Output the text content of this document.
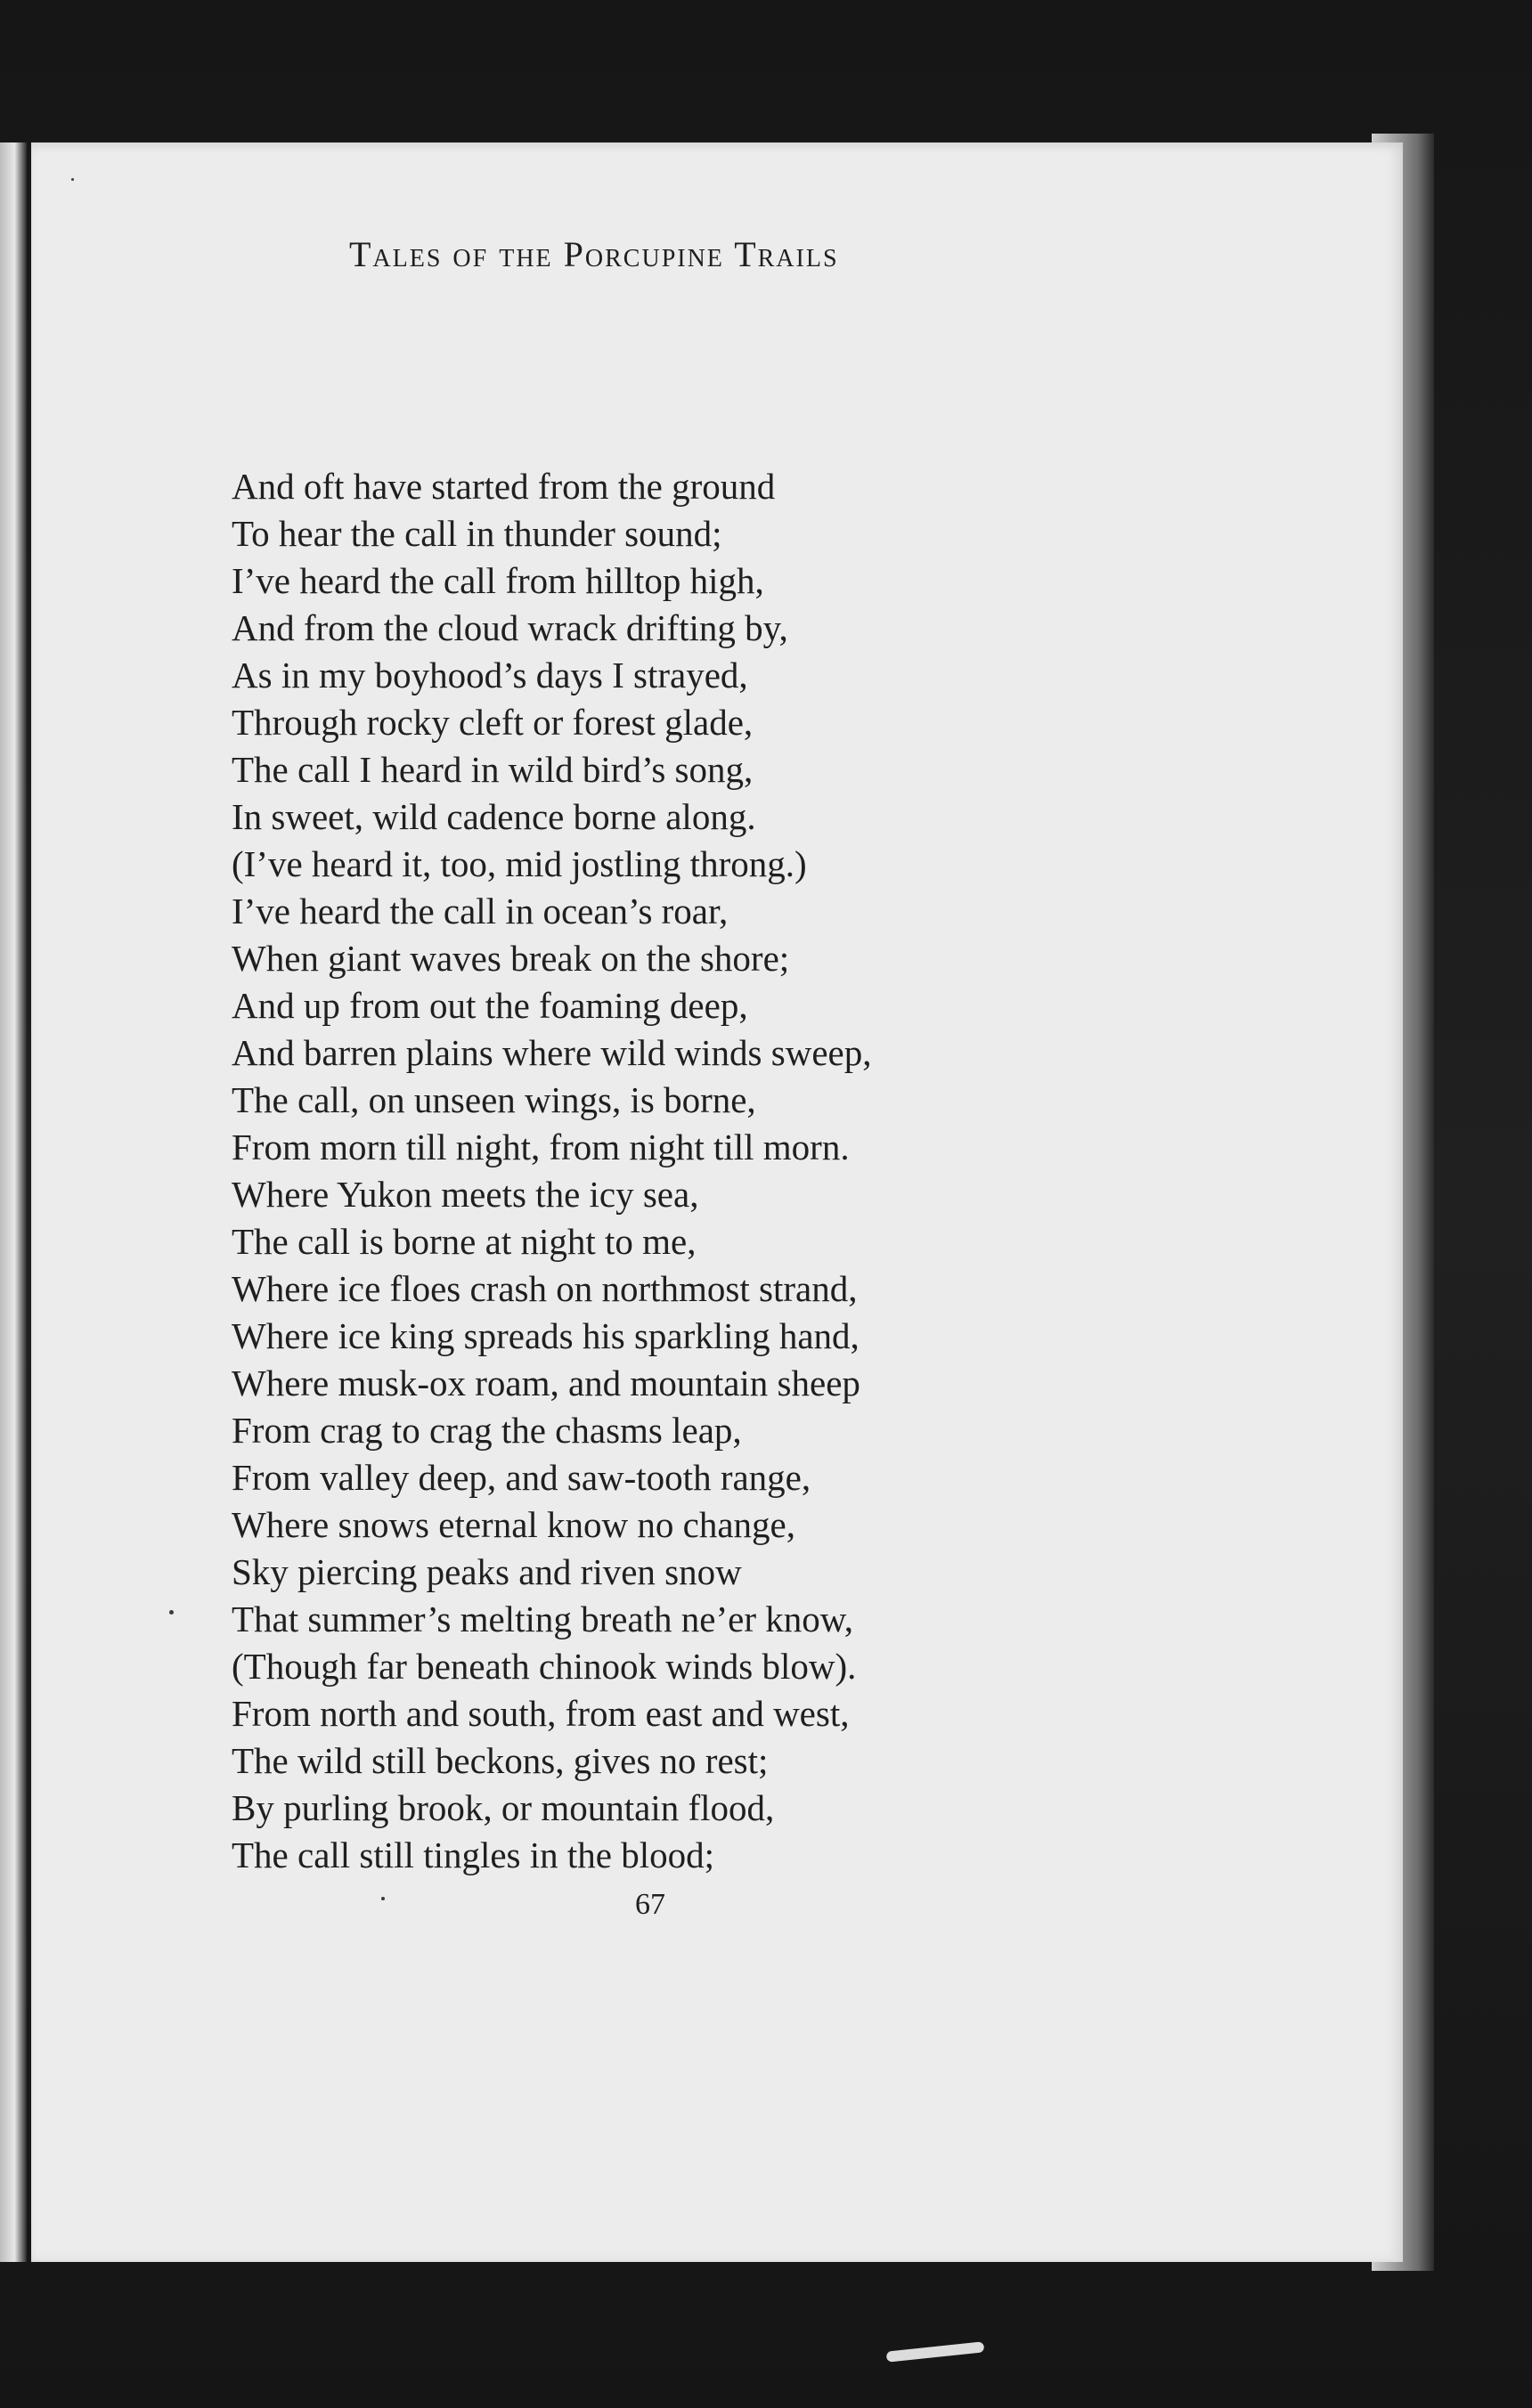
Tales of the Porcupine Trails
And oft have started from the ground
To hear the call in thunder sound;
I’ve heard the call from hilltop high,
And from the cloud wrack drifting by,
As in my boyhood’s days I strayed,
Through rocky cleft or forest glade,
The call I heard in wild bird’s song,
In sweet, wild cadence borne along.
(I’ve heard it, too, mid jostling throng.)
I’ve heard the call in ocean’s roar,
When giant waves break on the shore;
And up from out the foaming deep,
And barren plains where wild winds sweep,
The call, on unseen wings, is borne,
From morn till night, from night till morn.
Where Yukon meets the icy sea,
The call is borne at night to me,
Where ice floes crash on northmost strand,
Where ice king spreads his sparkling hand,
Where musk-ox roam, and mountain sheep
From crag to crag the chasms leap,
From valley deep, and saw-tooth range,
Where snows eternal know no change,
Sky piercing peaks and riven snow
That summer’s melting breath ne’er know,
(Though far beneath chinook winds blow).
From north and south, from east and west,
The wild still beckons, gives no rest;
By purling brook, or mountain flood,
The call still tingles in the blood;
67
